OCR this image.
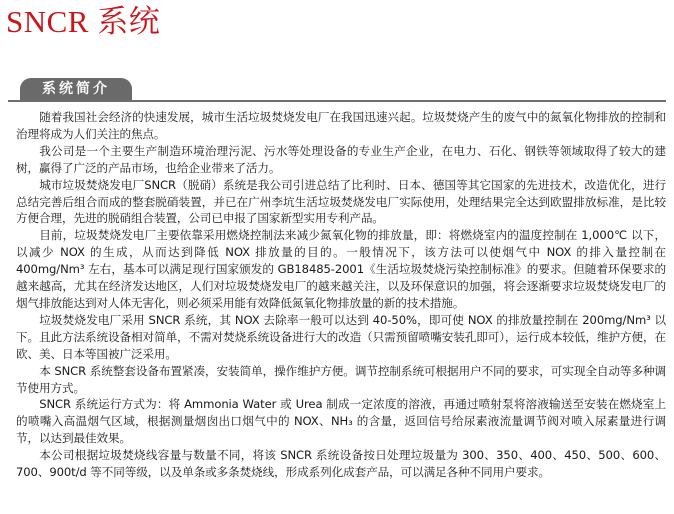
SNCR 系统
系统简介

随着我国社会经济的快速发展，城市生活垃圾焚烧发电厂在我国迅速兴起。垃圾焚烧产生的废气中的氮氧化物排放的控制和治理将成为人们关注的焦点。

我公司是一个主要生产制造环境治理污泥、污水等处理设备的专业生产企业，在电力、石化、钢铁等领域取得了较大的建树，赢得了广泛的产品市场，也给企业带来了活力。

城市垃圾焚烧发电厂SNCR（脱硝）系统是我公司引进总结了比利时、日本、德国等其它国家的先进技术，改造优化，进行总结完善后组合而成的整套脱硝装置，并已在广州李坑生活垃圾焚烧发电厂实际使用，处理结果完全达到欧盟排放标准，是比较方便合理，先进的脱硝组合装置，公司已申报了国家新型实用专利产品。

目前，垃圾焚烧发电厂主要依靠采用燃烧控制法来减少氮氧化物的排放量，即：将燃烧室内的温度控制在 1,000℃ 以下，以减少 NOX 的生成，从而达到降低 NOX 排放量的目的。一般情况下，该方法可以使烟气中 NOX 的排入量控制在 400mg/Nm³ 左右，基本可以满足现行国家颁发的 GB18485-2001《生活垃圾焚烧污染控制标准》的要求。但随着环保要求的越来越高，尤其在经济发达地区，人们对垃圾焚烧发电厂的越来越关注，以及环保意识的加强，将会逐渐要求垃圾焚烧发电厂的烟气排放能达到对人体无害化，则必须采用能有效降低氮氧化物排放量的新的技术措施。

垃圾焚烧发电厂采用 SNCR 系统，其 NOX 去除率一般可以达到 40-50%，即可使 NOX 的排放量控制在 200mg/Nm³ 以下。且此方法系统设备相对简单，不需对焚烧系统设备进行大的改造（只需预留喷嘴安装孔即可），运行成本较低，维护方便，在欧、美、日本等国被广泛采用。

本 SNCR 系统整套设备布置紧凑，安装简单，操作维护方便。调节控制系统可根据用户不同的要求，可实现全自动等多种调节使用方式。

SNCR 系统运行方式为：将 Ammonia Water 或 Urea 制成一定浓度的溶液，再通过喷射泵将溶液输送至安装在燃烧室上的喷嘴入高温烟气区域，根据测量烟囱出口烟气中的 NOX、NH₃ 的含量，返回信号给尿素液流量调节阀对喷入尿素量进行调节，以达到最佳效果。

本公司根据垃圾焚烧线容量与数量不同，将该 SNCR 系统设备按日处理垃圾量为 300、350、400、450、500、600、700、900t/d 等不同等级，以及单条或多条焚烧线，形成系列化成套产品，可以满足各种不同用户要求。
